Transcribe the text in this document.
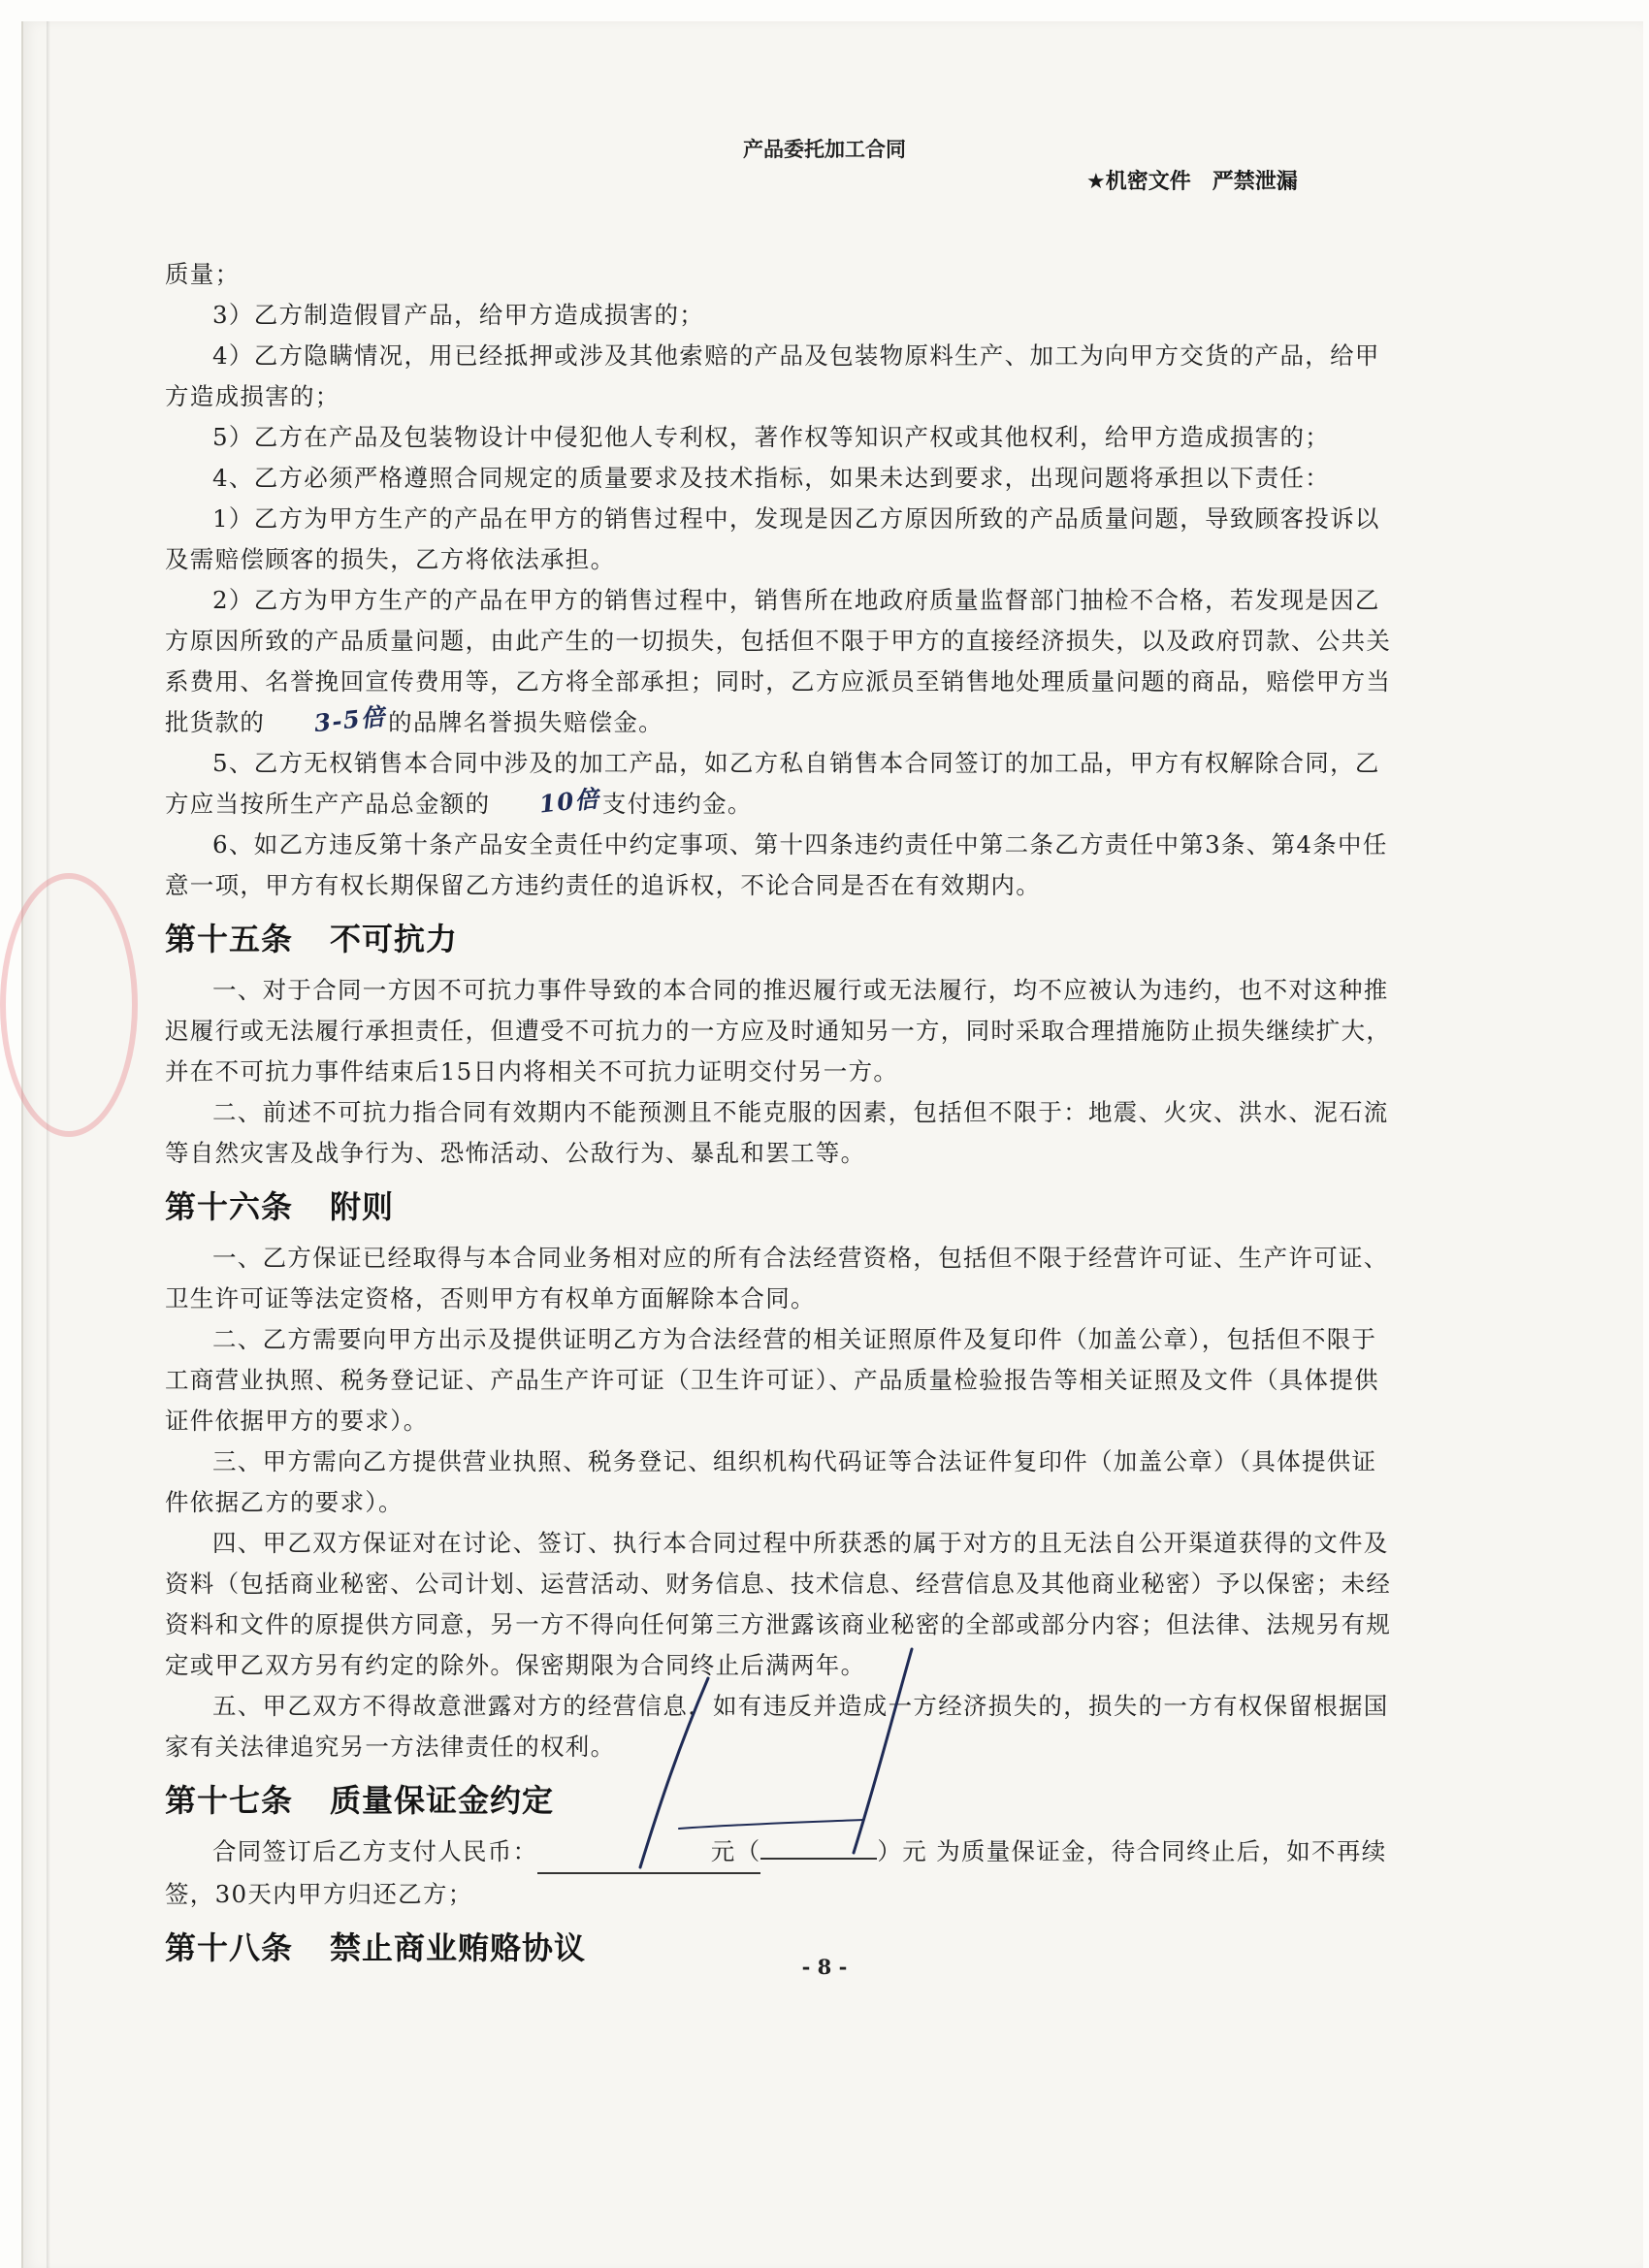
产品委托加工合同
★机密文件　严禁泄漏

质量；

3）乙方制造假冒产品，给甲方造成损害的；

4）乙方隐瞒情况，用已经抵押或涉及其他索赔的产品及包装物原料生产、加工为向甲方交货的产品，给甲方造成损害的；

5）乙方在产品及包装物设计中侵犯他人专利权，著作权等知识产权或其他权利，给甲方造成损害的；

4、乙方必须严格遵照合同规定的质量要求及技术指标，如果未达到要求，出现问题将承担以下责任：

1）乙方为甲方生产的产品在甲方的销售过程中，发现是因乙方原因所致的产品质量问题，导致顾客投诉以及需赔偿顾客的损失，乙方将依法承担。

2）乙方为甲方生产的产品在甲方的销售过程中，销售所在地政府质量监督部门抽检不合格，若发现是因乙方原因所致的产品质量问题，由此产生的一切损失，包括但不限于甲方的直接经济损失，以及政府罚款、公共关系费用、名誉挽回宣传费用等，乙方将全部承担；同时，乙方应派员至销售地处理质量问题的商品，赔偿甲方当批货款的 3-5倍的品牌名誉损失赔偿金。

5、乙方无权销售本合同中涉及的加工产品，如乙方私自销售本合同签订的加工品，甲方有权解除合同，乙方应当按所生产产品总金额的 10倍支付违约金。

6、如乙方违反第十条产品安全责任中约定事项、第十四条违约责任中第二条乙方责任中第3条、第4条中任意一项，甲方有权长期保留乙方违约责任的追诉权，不论合同是否在有效期内。

第十五条 不可抗力

一、对于合同一方因不可抗力事件导致的本合同的推迟履行或无法履行，均不应被认为违约，也不对这种推迟履行或无法履行承担责任，但遭受不可抗力的一方应及时通知另一方，同时采取合理措施防止损失继续扩大，并在不可抗力事件结束后15日内将相关不可抗力证明交付另一方。

二、前述不可抗力指合同有效期内不能预测且不能克服的因素，包括但不限于：地震、火灾、洪水、泥石流等自然灾害及战争行为、恐怖活动、公敌行为、暴乱和罢工等。

第十六条 附则

一、乙方保证已经取得与本合同业务相对应的所有合法经营资格，包括但不限于经营许可证、生产许可证、卫生许可证等法定资格，否则甲方有权单方面解除本合同。

二、乙方需要向甲方出示及提供证明乙方为合法经营的相关证照原件及复印件（加盖公章），包括但不限于工商营业执照、税务登记证、产品生产许可证（卫生许可证）、产品质量检验报告等相关证照及文件（具体提供证件依据甲方的要求）。

三、甲方需向乙方提供营业执照、税务登记、组织机构代码证等合法证件复印件（加盖公章）（具体提供证件依据乙方的要求）。

四、甲乙双方保证对在讨论、签订、执行本合同过程中所获悉的属于对方的且无法自公开渠道获得的文件及资料（包括商业秘密、公司计划、运营活动、财务信息、技术信息、经营信息及其他商业秘密）予以保密；未经资料和文件的原提供方同意，另一方不得向任何第三方泄露该商业秘密的全部或部分内容；但法律、法规另有规定或甲乙双方另有约定的除外。保密期限为合同终止后满两年。

五、甲乙双方不得故意泄露对方的经营信息，如有违反并造成一方经济损失的，损失的一方有权保留根据国家有关法律追究另一方法律责任的权利。

第十七条 质量保证金约定

合同签订后乙方支付人民币：	元（	）元 为质量保证金，待合同终止后，如不再续签，30天内甲方归还乙方；

第十八条 禁止商业贿赂协议
- 8 -
